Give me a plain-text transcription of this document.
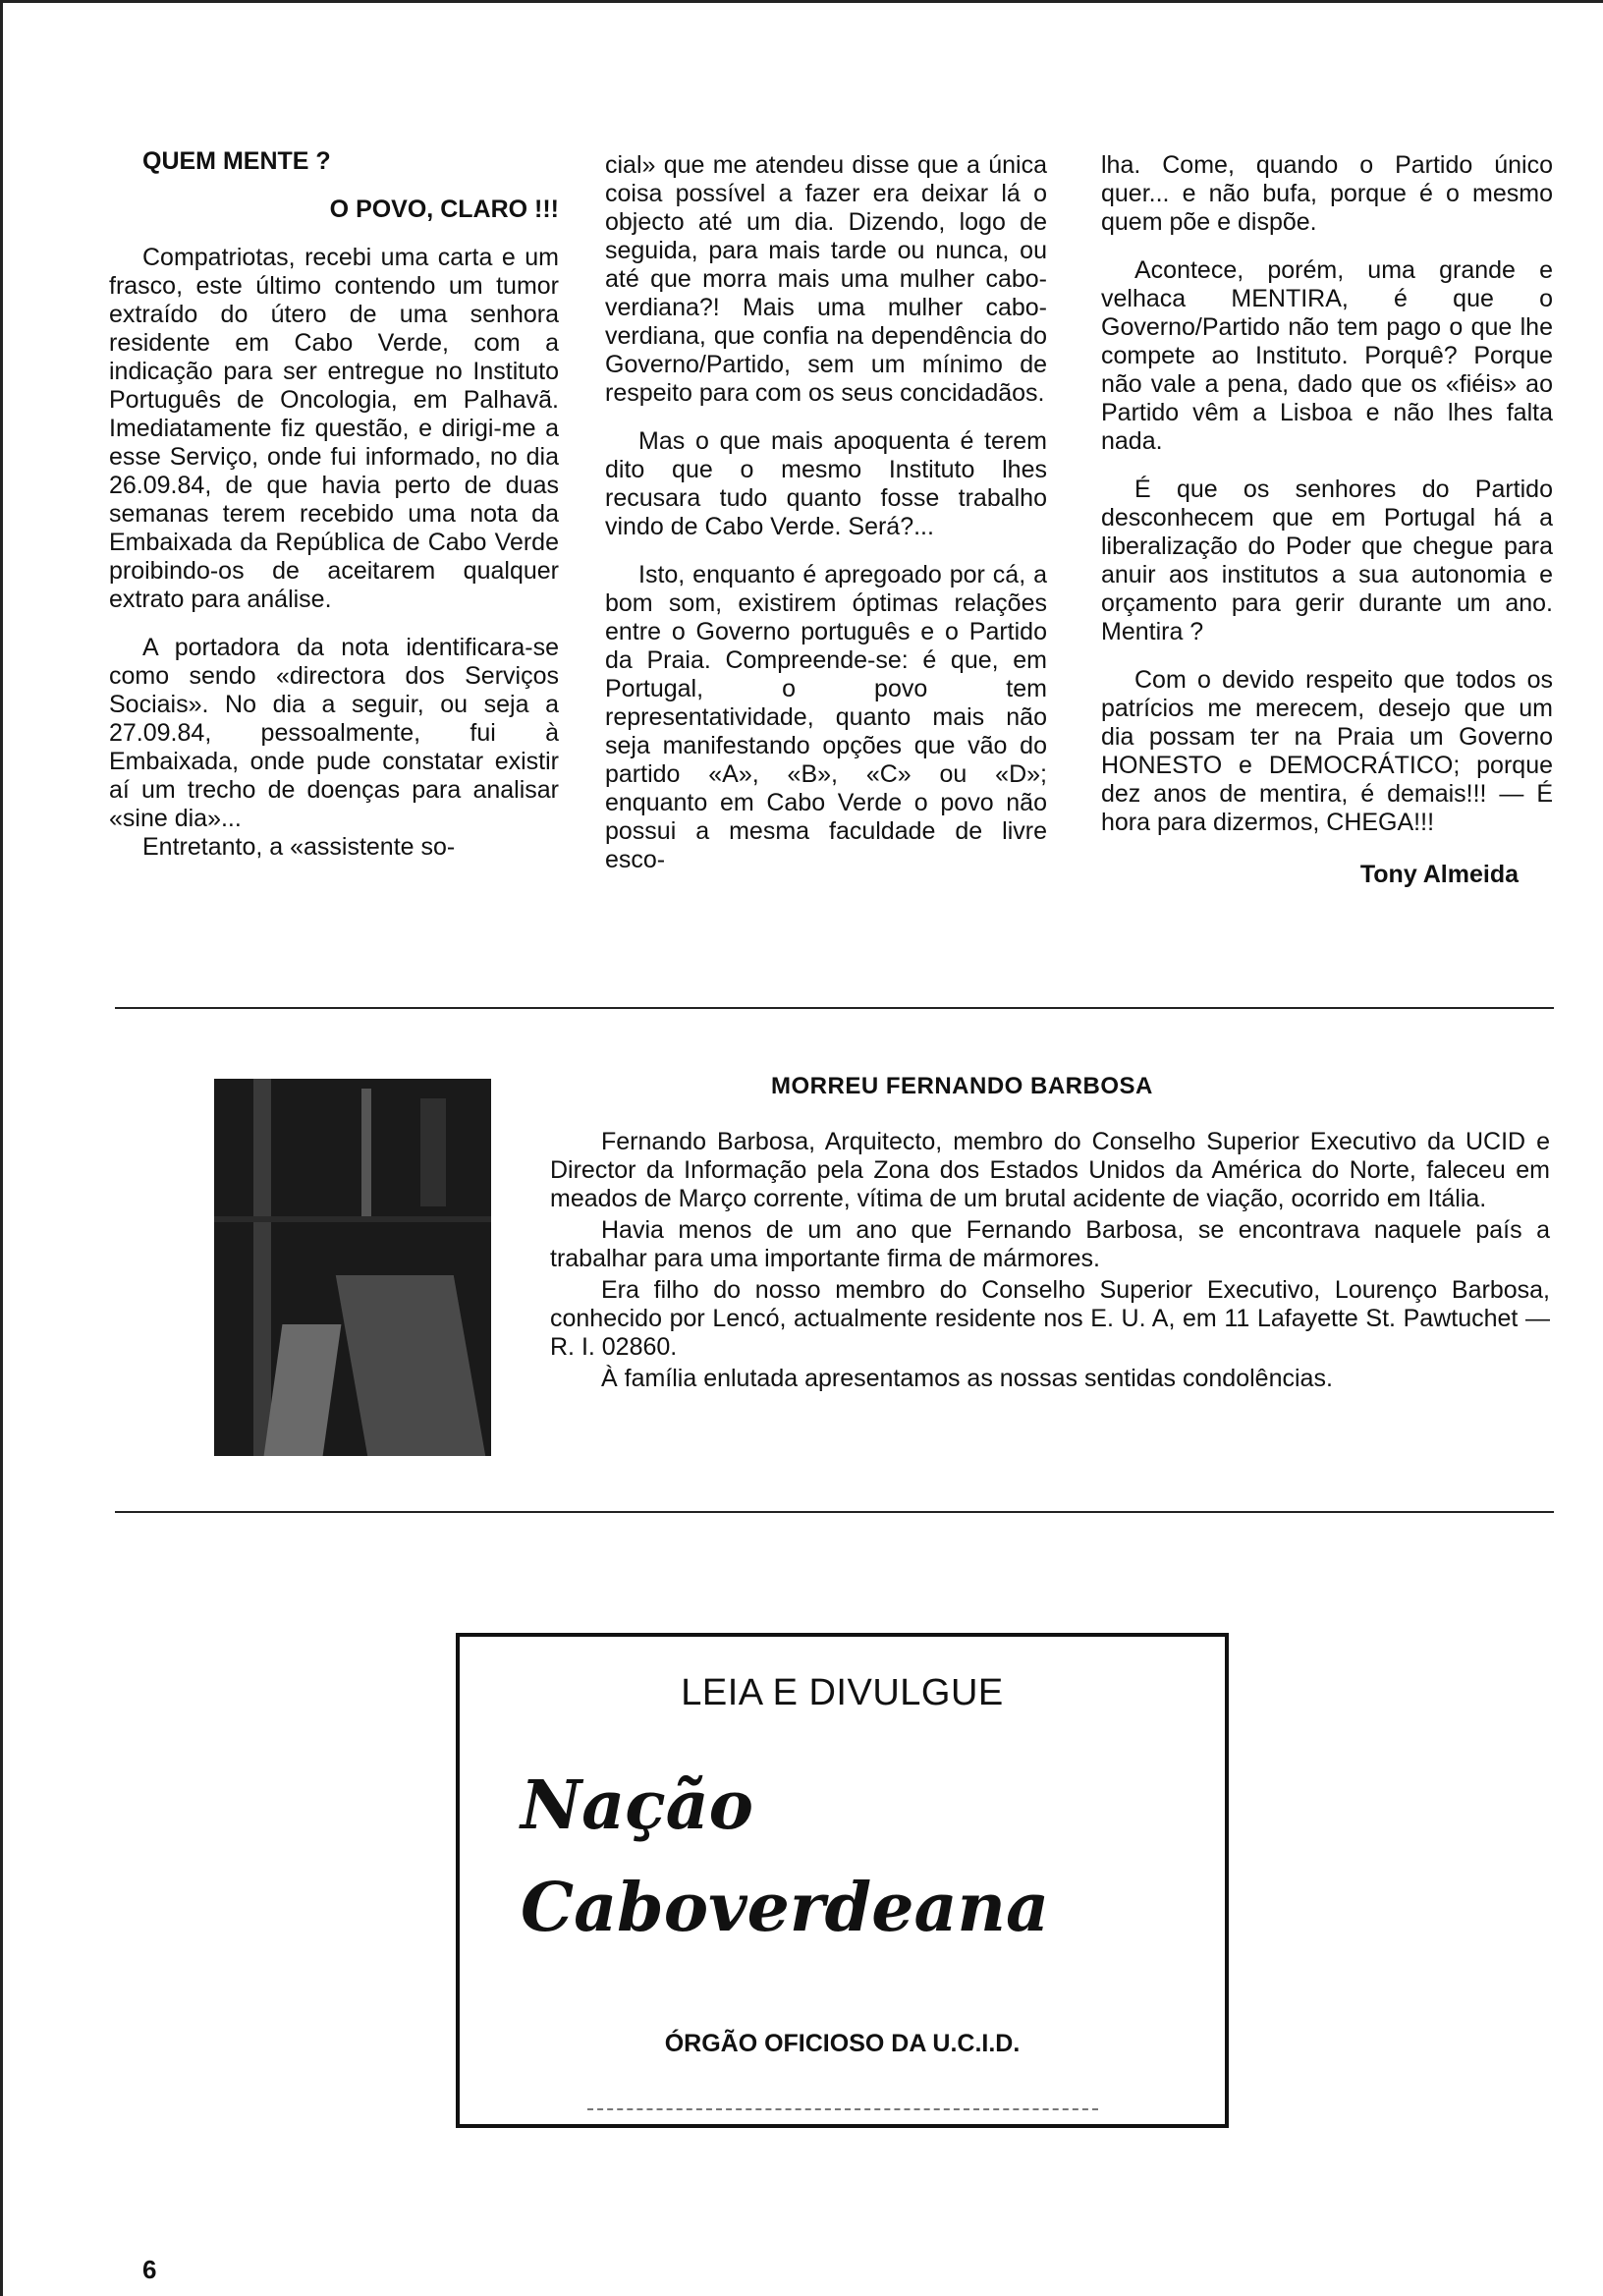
QUEM MENTE ?

O POVO, CLARO !!!

Compatriotas, recebi uma carta e um frasco, este último contendo um tumor extraído do útero de uma senhora residente em Cabo Verde, com a indicação para ser entregue no Instituto Português de Oncologia, em Palhavã. Imediatamente fiz questão, e dirigi-me a esse Serviço, onde fui informado, no dia 26.09.84, de que havia perto de duas semanas terem recebido uma nota da Embaixada da República de Cabo Verde proibindo-os de aceitarem qualquer extrato para análise.

A portadora da nota identificara-se como sendo «directora dos Serviços Sociais». No dia a seguir, ou seja a 27.09.84, pessoalmente, fui à Embaixada, onde pude constatar existir aí um trecho de doenças para analisar «sine dia»...

Entretanto, a «assistente so-

cial» que me atendeu disse que a única coisa possível a fazer era deixar lá o objecto até um dia. Dizendo, logo de seguida, para mais tarde ou nunca, ou até que morra mais uma mulher cabo-verdiana?! Mais uma mulher cabo-verdiana, que confia na dependência do Governo/Partido, sem um mínimo de respeito para com os seus concidadãos.

Mas o que mais apoquenta é terem dito que o mesmo Instituto lhes recusara tudo quanto fosse trabalho vindo de Cabo Verde. Será?...

Isto, enquanto é apregoado por cá, a bom som, existirem óptimas relações entre o Governo português e o Partido da Praia. Compreende-se: é que, em Portugal, o povo tem representatividade, quanto mais não seja manifestando opções que vão do partido «A», «B», «C» ou «D»; enquanto em Cabo Verde o povo não possui a mesma faculdade de livre esco-

lha. Come, quando o Partido único quer... e não bufa, porque é o mesmo quem põe e dispõe.

Acontece, porém, uma grande e velhaca MENTIRA, é que o Governo/Partido não tem pago o que lhe compete ao Instituto. Porquê? Porque não vale a pena, dado que os «fiéis» ao Partido vêm a Lisboa e não lhes falta nada.

É que os senhores do Partido desconhecem que em Portugal há a liberalização do Poder que chegue para anuir aos institutos a sua autonomia e orçamento para gerir durante um ano. Mentira ?

Com o devido respeito que todos os patrícios me merecem, desejo que um dia possam ter na Praia um Governo HONESTO e DEMOCRÁTICO; porque dez anos de mentira, é demais!!! — É hora para dizermos, CHEGA!!!

Tony Almeida
MORREU FERNANDO BARBOSA

Fernando Barbosa, Arquitecto, membro do Conselho Superior Executivo da UCID e Director da Informação pela Zona dos Estados Unidos da América do Norte, faleceu em meados de Março corrente, vítima de um brutal acidente de viação, ocorrido em Itália.

Havia menos de um ano que Fernando Barbosa, se encontrava naquele país a trabalhar para uma importante firma de mármores.

Era filho do nosso membro do Conselho Superior Executivo, Lourenço Barbosa, conhecido por Lencó, actualmente residente nos E. U. A, em 11 Lafayette St. Pawtuchet — R. I. 02860.

À família enlutada apresentamos as nossas sentidas condolências.

LEIA E DIVULGUE
Nação
Caboverdeana
ÓRGÃO OFICIOSO DA U.C.I.D.
6
